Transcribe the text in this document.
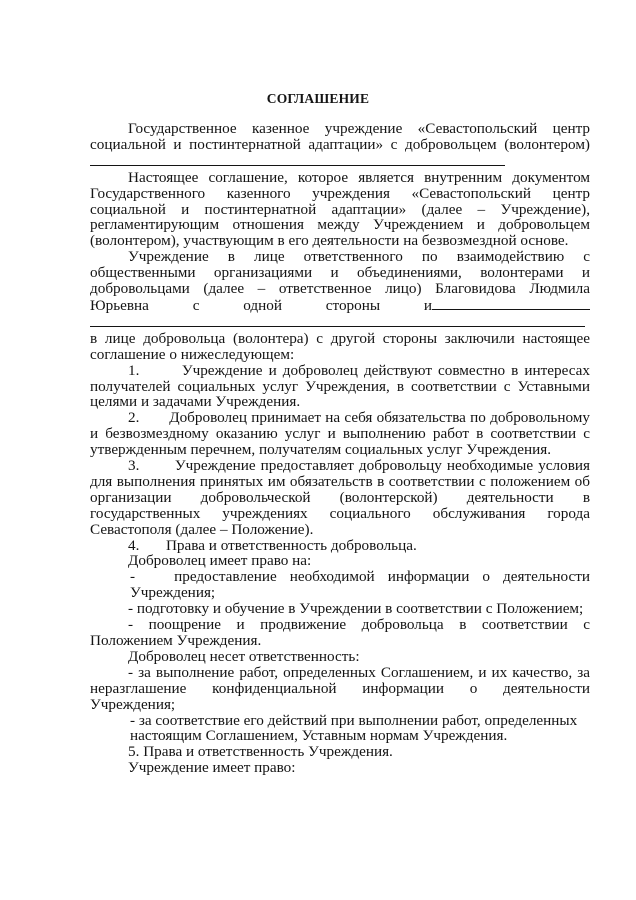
СОГЛАШЕНИЕ

Государственное казенное учреждение «Севастопольский центр социальной и постинтернатной адаптации» с добровольцем (волонтером)

Настоящее соглашение, которое является внутренним документом Государственного казенного учреждения «Севастопольский центр социальной и постинтернатной адаптации» (далее – Учреждение), регламентирующим отношения между Учреждением и добровольцем (волонтером), участвующим в его деятельности на безвозмездной основе.

Учреждение в лице ответственного по взаимодействию с общественными организациями и объединениями, волонтерами и добровольцами (далее – ответственное лицо) Благовидова Людмила Юрьевна с одной стороны и

в лице добровольца (волонтера) с другой стороны заключили настоящее соглашение о нижеследующем:

1.       Учреждение и доброволец действуют совместно в интересах получателей социальных услуг Учреждения, в соответствии с Уставными целями и задачами Учреждения.

2.       Доброволец принимает на себя обязательства по добровольному и безвозмездному оказанию услуг и выполнению работ в соответствии с утвержденным перечнем, получателям социальных услуг Учреждения.

3.       Учреждение предоставляет добровольцу необходимые условия для выполнения принятых им обязательств в соответствии с положением об организации добровольческой (волонтерской) деятельности в государственных учреждениях социального обслуживания города Севастополя (далее – Положение).

4.       Права и ответственность добровольца.

Доброволец имеет право на:

-   предоставление необходимой информации о деятельности Учреждения;

- подготовку и обучение в Учреждении в соответствии с Положением;

- поощрение и продвижение добровольца в соответствии с Положением Учреждения.

Доброволец несет ответственность:

- за выполнение работ, определенных Соглашением, и их качество, за неразглашение конфиденциальной информации о деятельности Учреждения;

- за соответствие его действий при выполнении работ, определенных

настоящим Соглашением, Уставным нормам Учреждения.

5. Права и ответственность Учреждения.

Учреждение имеет право:
